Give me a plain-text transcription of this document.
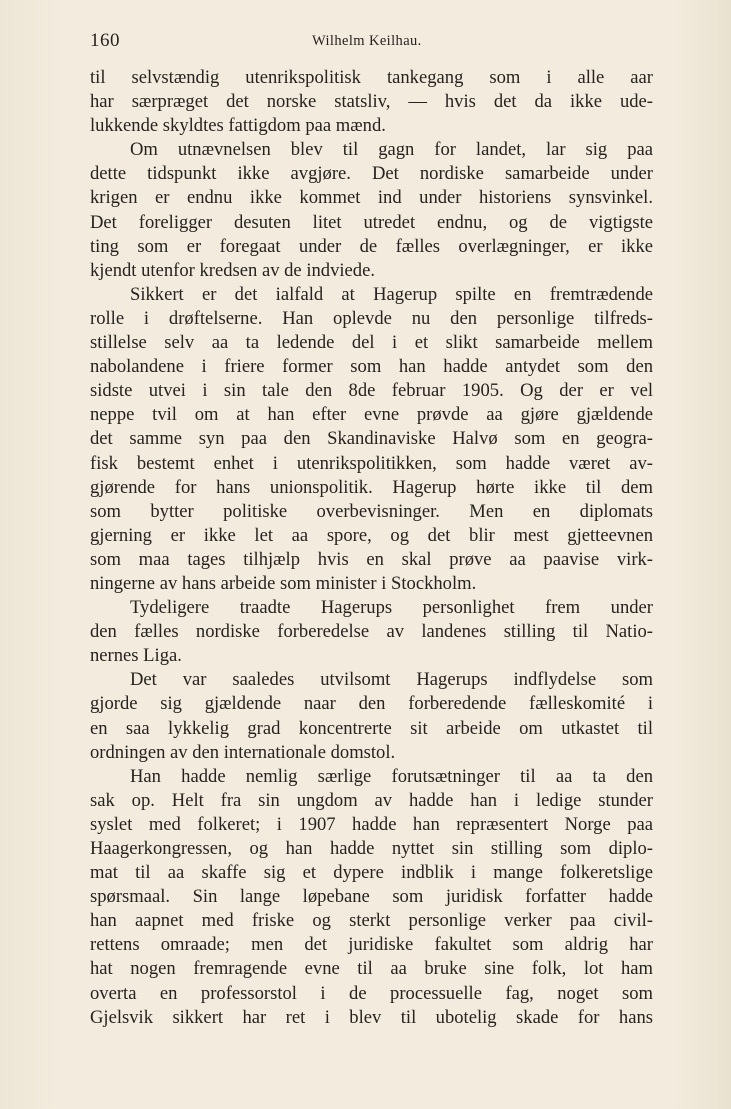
160	Wilhelm Keilhau.
til selvstændig utenrikspolitisk tankegang som i alle aar
har særpræget det norske statsliv, — hvis det da ikke ude-
lukkende skyldtes fattigdom paa mænd.
Om utnævnelsen blev til gagn for landet, lar sig paa
dette tidspunkt ikke avgjøre. Det nordiske samarbeide under
krigen er endnu ikke kommet ind under historiens synsvinkel.
Det foreligger desuten litet utredet endnu, og de vigtigste
ting som er foregaat under de fælles overlægninger, er ikke
kjendt utenfor kredsen av de indviede.
Sikkert er det ialfald at Hagerup spilte en fremtrædende
rolle i drøftelserne. Han oplevde nu den personlige tilfreds-
stillelse selv aa ta ledende del i et slikt samarbeide mellem
nabolandene i friere former som han hadde antydet som den
sidste utvei i sin tale den 8de februar 1905. Og der er vel
neppe tvil om at han efter evne prøvde aa gjøre gjældende
det samme syn paa den Skandinaviske Halvø som en geogra-
fisk bestemt enhet i utenrikspolitikken, som hadde været av-
gjørende for hans unionspolitik. Hagerup hørte ikke til dem
som bytter politiske overbevisninger. Men en diplomats
gjerning er ikke let aa spore, og det blir mest gjetteevnen
som maa tages tilhjælp hvis en skal prøve aa paavise virk-
ningerne av hans arbeide som minister i Stockholm.
Tydeligere traadte Hagerups personlighet frem under
den fælles nordiske forberedelse av landenes stilling til Natio-
nernes Liga.
Det var saaledes utvilsomt Hagerups indflydelse som
gjorde sig gjældende naar den forberedende fælleskomité i
en saa lykkelig grad koncentrerte sit arbeide om utkastet til
ordningen av den internationale domstol.
Han hadde nemlig særlige forutsætninger til aa ta den
sak op. Helt fra sin ungdom av hadde han i ledige stunder
syslet med folkeret; i 1907 hadde han repræsentert Norge paa
Haagerkongressen, og han hadde nyttet sin stilling som diplo-
mat til aa skaffe sig et dypere indblik i mange folkeretslige
spørsmaal. Sin lange løpebane som juridisk forfatter hadde
han aapnet med friske og sterkt personlige verker paa civil-
rettens omraade; men det juridiske fakultet som aldrig har
hat nogen fremragende evne til aa bruke sine folk, lot ham
overta en professorstol i de processuelle fag, noget som
Gjelsvik sikkert har ret i blev til ubotelig skade for hans
